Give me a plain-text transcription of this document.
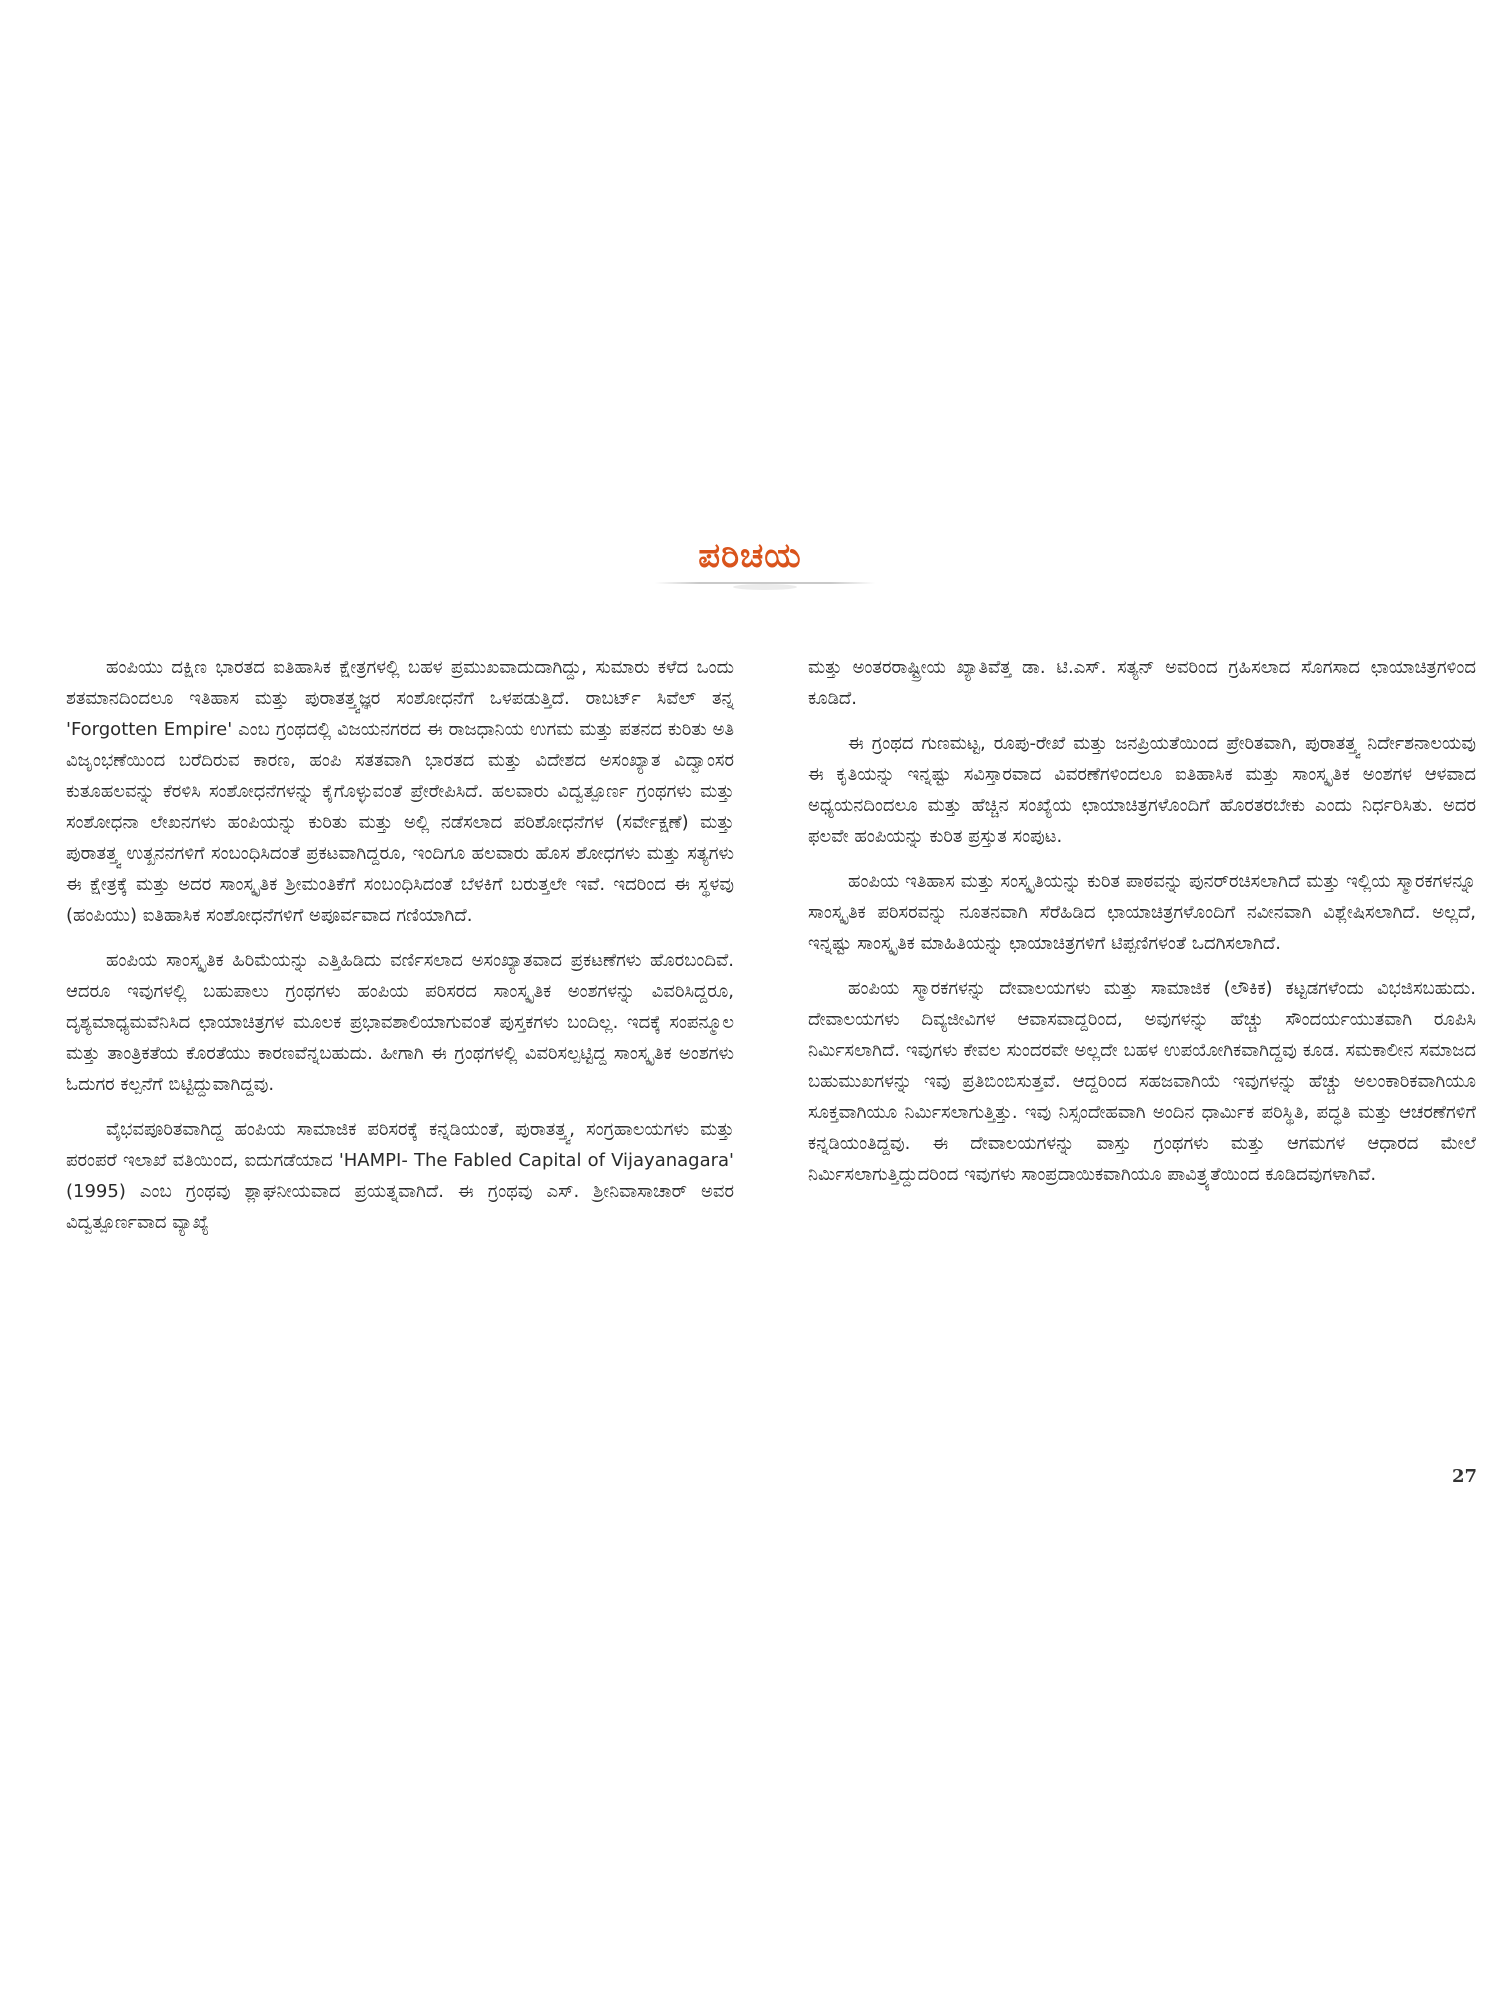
ಪರಿಚಯ

ಹಂಪಿಯು ದಕ್ಷಿಣ ಭಾರತದ ಐತಿಹಾಸಿಕ ಕ್ಷೇತ್ರಗಳಲ್ಲಿ ಬಹಳ ಪ್ರಮುಖವಾದುದಾಗಿದ್ದು, ಸುಮಾರು ಕಳೆದ ಒಂದು ಶತಮಾನದಿಂದಲೂ ಇತಿಹಾಸ ಮತ್ತು ಪುರಾತತ್ತ್ವಜ್ಞರ ಸಂಶೋಧನೆಗೆ ಒಳಪಡುತ್ತಿದೆ. ರಾಬರ್ಟ್ ಸಿವೆಲ್ ತನ್ನ 'Forgotten Empire' ಎಂಬ ಗ್ರಂಥದಲ್ಲಿ ವಿಜಯನಗರದ ಈ ರಾಜಧಾನಿಯ ಉಗಮ ಮತ್ತು ಪತನದ ಕುರಿತು ಅತಿ ವಿಜೃಂಭಣೆಯಿಂದ ಬರೆದಿರುವ ಕಾರಣ, ಹಂಪಿ ಸತತವಾಗಿ ಭಾರತದ ಮತ್ತು ವಿದೇಶದ ಅಸಂಖ್ಯಾತ ವಿದ್ವಾಂಸರ ಕುತೂಹಲವನ್ನು ಕೆರಳಿಸಿ ಸಂಶೋಧನೆಗಳನ್ನು ಕೈಗೊಳ್ಳುವಂತೆ ಪ್ರೇರೇಪಿಸಿದೆ. ಹಲವಾರು ವಿದ್ವತ್ಪೂರ್ಣ ಗ್ರಂಥಗಳು ಮತ್ತು ಸಂಶೋಧನಾ ಲೇಖನಗಳು ಹಂಪಿಯನ್ನು ಕುರಿತು ಮತ್ತು ಅಲ್ಲಿ ನಡೆಸಲಾದ ಪರಿಶೋಧನೆಗಳ (ಸರ್ವೇಕ್ಷಣೆ) ಮತ್ತು ಪುರಾತತ್ತ್ವ ಉತ್ಖನನಗಳಿಗೆ ಸಂಬಂಧಿಸಿದಂತೆ ಪ್ರಕಟವಾಗಿದ್ದರೂ, ಇಂದಿಗೂ ಹಲವಾರು ಹೊಸ ಶೋಧಗಳು ಮತ್ತು ಸತ್ಯಗಳು ಈ ಕ್ಷೇತ್ರಕ್ಕೆ ಮತ್ತು ಅದರ ಸಾಂಸ್ಕೃತಿಕ ಶ್ರೀಮಂತಿಕೆಗೆ ಸಂಬಂಧಿಸಿದಂತೆ ಬೆಳಕಿಗೆ ಬರುತ್ತಲೇ ಇವೆ. ಇದರಿಂದ ಈ ಸ್ಥಳವು (ಹಂಪಿಯು) ಐತಿಹಾಸಿಕ ಸಂಶೋಧನೆಗಳಿಗೆ ಅಪೂರ್ವವಾದ ಗಣಿಯಾಗಿದೆ.

ಹಂಪಿಯ ಸಾಂಸ್ಕೃತಿಕ ಹಿರಿಮೆಯನ್ನು ಎತ್ತಿಹಿಡಿದು ವರ್ಣಿಸಲಾದ ಅಸಂಖ್ಯಾತವಾದ ಪ್ರಕಟಣೆಗಳು ಹೊರಬಂದಿವೆ. ಆದರೂ ಇವುಗಳಲ್ಲಿ ಬಹುಪಾಲು ಗ್ರಂಥಗಳು ಹಂಪಿಯ ಪರಿಸರದ ಸಾಂಸ್ಕೃತಿಕ ಅಂಶಗಳನ್ನು ವಿವರಿಸಿದ್ದರೂ, ದೃಶ್ಯಮಾಧ್ಯಮವೆನಿಸಿದ ಛಾಯಾಚಿತ್ರಗಳ ಮೂಲಕ ಪ್ರಭಾವಶಾಲಿಯಾಗುವಂತೆ ಪುಸ್ತಕಗಳು ಬಂದಿಲ್ಲ. ಇದಕ್ಕೆ ಸಂಪನ್ಮೂಲ ಮತ್ತು ತಾಂತ್ರಿಕತೆಯ ಕೊರತೆಯು ಕಾರಣವೆನ್ನಬಹುದು. ಹೀಗಾಗಿ ಈ ಗ್ರಂಥಗಳಲ್ಲಿ ವಿವರಿಸಲ್ಪಟ್ಟಿದ್ದ ಸಾಂಸ್ಕೃತಿಕ ಅಂಶಗಳು ಓದುಗರ ಕಲ್ಪನೆಗೆ ಬಿಟ್ಟಿದ್ದುವಾಗಿದ್ದವು.

ವೈಭವಪೂರಿತವಾಗಿದ್ದ ಹಂಪಿಯ ಸಾಮಾಜಿಕ ಪರಿಸರಕ್ಕೆ ಕನ್ನಡಿಯಂತೆ, ಪುರಾತತ್ತ್ವ, ಸಂಗ್ರಹಾಲಯಗಳು ಮತ್ತು ಪರಂಪರೆ ಇಲಾಖೆ ವತಿಯಿಂದ, ಐದುಗಡೆಯಾದ 'HAMPI- The Fabled Capital of Vijayanagara' (1995) ಎಂಬ ಗ್ರಂಥವು ಶ್ಲಾಘನೀಯವಾದ ಪ್ರಯತ್ನವಾಗಿದೆ. ಈ ಗ್ರಂಥವು ಎಸ್. ಶ್ರೀನಿವಾಸಾಚಾರ್ ಅವರ ವಿದ್ವತ್ಪೂರ್ಣವಾದ ವ್ಯಾಖ್ಯೆ

ಮತ್ತು ಅಂತರರಾಷ್ಟ್ರೀಯ ಖ್ಯಾತಿವೆತ್ತ ಡಾ. ಟಿ.ಎಸ್. ಸತ್ಯನ್ ಅವರಿಂದ ಗ್ರಹಿಸಲಾದ ಸೊಗಸಾದ ಛಾಯಾಚಿತ್ರಗಳಿಂದ ಕೂಡಿದೆ.

ಈ ಗ್ರಂಥದ ಗುಣಮಟ್ಟ, ರೂಪು-ರೇಖೆ ಮತ್ತು ಜನಪ್ರಿಯತೆಯಿಂದ ಪ್ರೇರಿತವಾಗಿ, ಪುರಾತತ್ತ್ವ ನಿರ್ದೇಶನಾಲಯವು ಈ ಕೃತಿಯನ್ನು ಇನ್ನಷ್ಟು ಸವಿಸ್ತಾರವಾದ ವಿವರಣೆಗಳಿಂದಲೂ ಐತಿಹಾಸಿಕ ಮತ್ತು ಸಾಂಸ್ಕೃತಿಕ ಅಂಶಗಳ ಆಳವಾದ ಅಧ್ಯಯನದಿಂದಲೂ ಮತ್ತು ಹೆಚ್ಚಿನ ಸಂಖ್ಯೆಯ ಛಾಯಾಚಿತ್ರಗಳೊಂದಿಗೆ ಹೊರತರಬೇಕು ಎಂದು ನಿರ್ಧರಿಸಿತು. ಅದರ ಫಲವೇ ಹಂಪಿಯನ್ನು ಕುರಿತ ಪ್ರಸ್ತುತ ಸಂಪುಟ.

ಹಂಪಿಯ ಇತಿಹಾಸ ಮತ್ತು ಸಂಸ್ಕೃತಿಯನ್ನು ಕುರಿತ ಪಾಠವನ್ನು ಪುನರ್‌ರಚಿಸಲಾಗಿದೆ ಮತ್ತು ಇಲ್ಲಿಯ ಸ್ಮಾರಕಗಳನ್ನೂ ಸಾಂಸ್ಕೃತಿಕ ಪರಿಸರವನ್ನು ನೂತನವಾಗಿ ಸೆರೆಹಿಡಿದ ಛಾಯಾಚಿತ್ರಗಳೊಂದಿಗೆ ನವೀನವಾಗಿ ವಿಶ್ಲೇಷಿಸಲಾಗಿದೆ. ಅಲ್ಲದೆ, ಇನ್ನಷ್ಟು ಸಾಂಸ್ಕೃತಿಕ ಮಾಹಿತಿಯನ್ನು ಛಾಯಾಚಿತ್ರಗಳಿಗೆ ಟಿಪ್ಪಣಿಗಳಂತೆ ಒದಗಿಸಲಾಗಿದೆ.

ಹಂಪಿಯ ಸ್ಮಾರಕಗಳನ್ನು ದೇವಾಲಯಗಳು ಮತ್ತು ಸಾಮಾಜಿಕ (ಲೌಕಿಕ) ಕಟ್ಟಡಗಳೆಂದು ವಿಭಜಿಸಬಹುದು. ದೇವಾಲಯಗಳು ದಿವ್ಯಜೀವಿಗಳ ಆವಾಸವಾದ್ದರಿಂದ, ಅವುಗಳನ್ನು ಹೆಚ್ಚು ಸೌಂದರ್ಯಯುತವಾಗಿ ರೂಪಿಸಿ ನಿರ್ಮಿಸಲಾಗಿದೆ. ಇವುಗಳು ಕೇವಲ ಸುಂದರವೇ ಅಲ್ಲದೇ ಬಹಳ ಉಪಯೋಗಿಕವಾಗಿದ್ದವು ಕೂಡ. ಸಮಕಾಲೀನ ಸಮಾಜದ ಬಹುಮುಖಗಳನ್ನು ಇವು ಪ್ರತಿಬಿಂಬಿಸುತ್ತವೆ. ಆದ್ದರಿಂದ ಸಹಜವಾಗಿಯೆ ಇವುಗಳನ್ನು ಹೆಚ್ಚು ಅಲಂಕಾರಿಕವಾಗಿಯೂ ಸೂಕ್ತವಾಗಿಯೂ ನಿರ್ಮಿಸಲಾಗುತ್ತಿತ್ತು. ಇವು ನಿಸ್ಸಂದೇಹವಾಗಿ ಅಂದಿನ ಧಾರ್ಮಿಕ ಪರಿಸ್ಥಿತಿ, ಪದ್ಧತಿ ಮತ್ತು ಆಚರಣೆಗಳಿಗೆ ಕನ್ನಡಿಯಂತಿದ್ದವು. ಈ ದೇವಾಲಯಗಳನ್ನು ವಾಸ್ತು ಗ್ರಂಥಗಳು ಮತ್ತು ಆಗಮಗಳ ಆಧಾರದ ಮೇಲೆ ನಿರ್ಮಿಸಲಾಗುತ್ತಿದ್ದುದರಿಂದ ಇವುಗಳು ಸಾಂಪ್ರದಾಯಿಕವಾಗಿಯೂ ಪಾವಿತ್ರ್ಯತೆಯಿಂದ ಕೂಡಿದವುಗಳಾಗಿವೆ.

27
